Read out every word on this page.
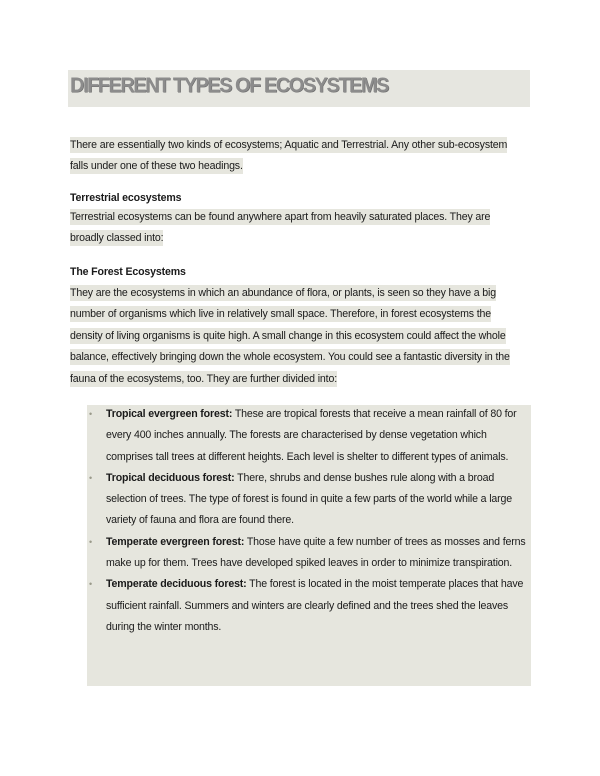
DIFFERENT TYPES OF ECOSYSTEMS

There are essentially two kinds of ecosystems; Aquatic and Terrestrial. Any other sub-ecosystem falls under one of these two headings.

Terrestrial ecosystems

Terrestrial ecosystems can be found anywhere apart from heavily saturated places. They are broadly classed into:

The Forest Ecosystems

They are the ecosystems in which an abundance of flora, or plants, is seen so they have a big number of organisms which live in relatively small space. Therefore, in forest ecosystems the density of living organisms is quite high. A small change in this ecosystem could affect the whole balance, effectively bringing down the whole ecosystem. You could see a fantastic diversity in the fauna of the ecosystems, too. They are further divided into:

• Tropical evergreen forest: These are tropical forests that receive a mean rainfall of 80 for every 400 inches annually. The forests are characterised by dense vegetation which comprises tall trees at different heights. Each level is shelter to different types of animals.
• Tropical deciduous forest: There, shrubs and dense bushes rule along with a broad selection of trees. The type of forest is found in quite a few parts of the world while a large variety of fauna and flora are found there.
• Temperate evergreen forest: Those have quite a few number of trees as mosses and ferns make up for them. Trees have developed spiked leaves in order to minimize transpiration.
• Temperate deciduous forest: The forest is located in the moist temperate places that have sufficient rainfall. Summers and winters are clearly defined and the trees shed the leaves during the winter months.
